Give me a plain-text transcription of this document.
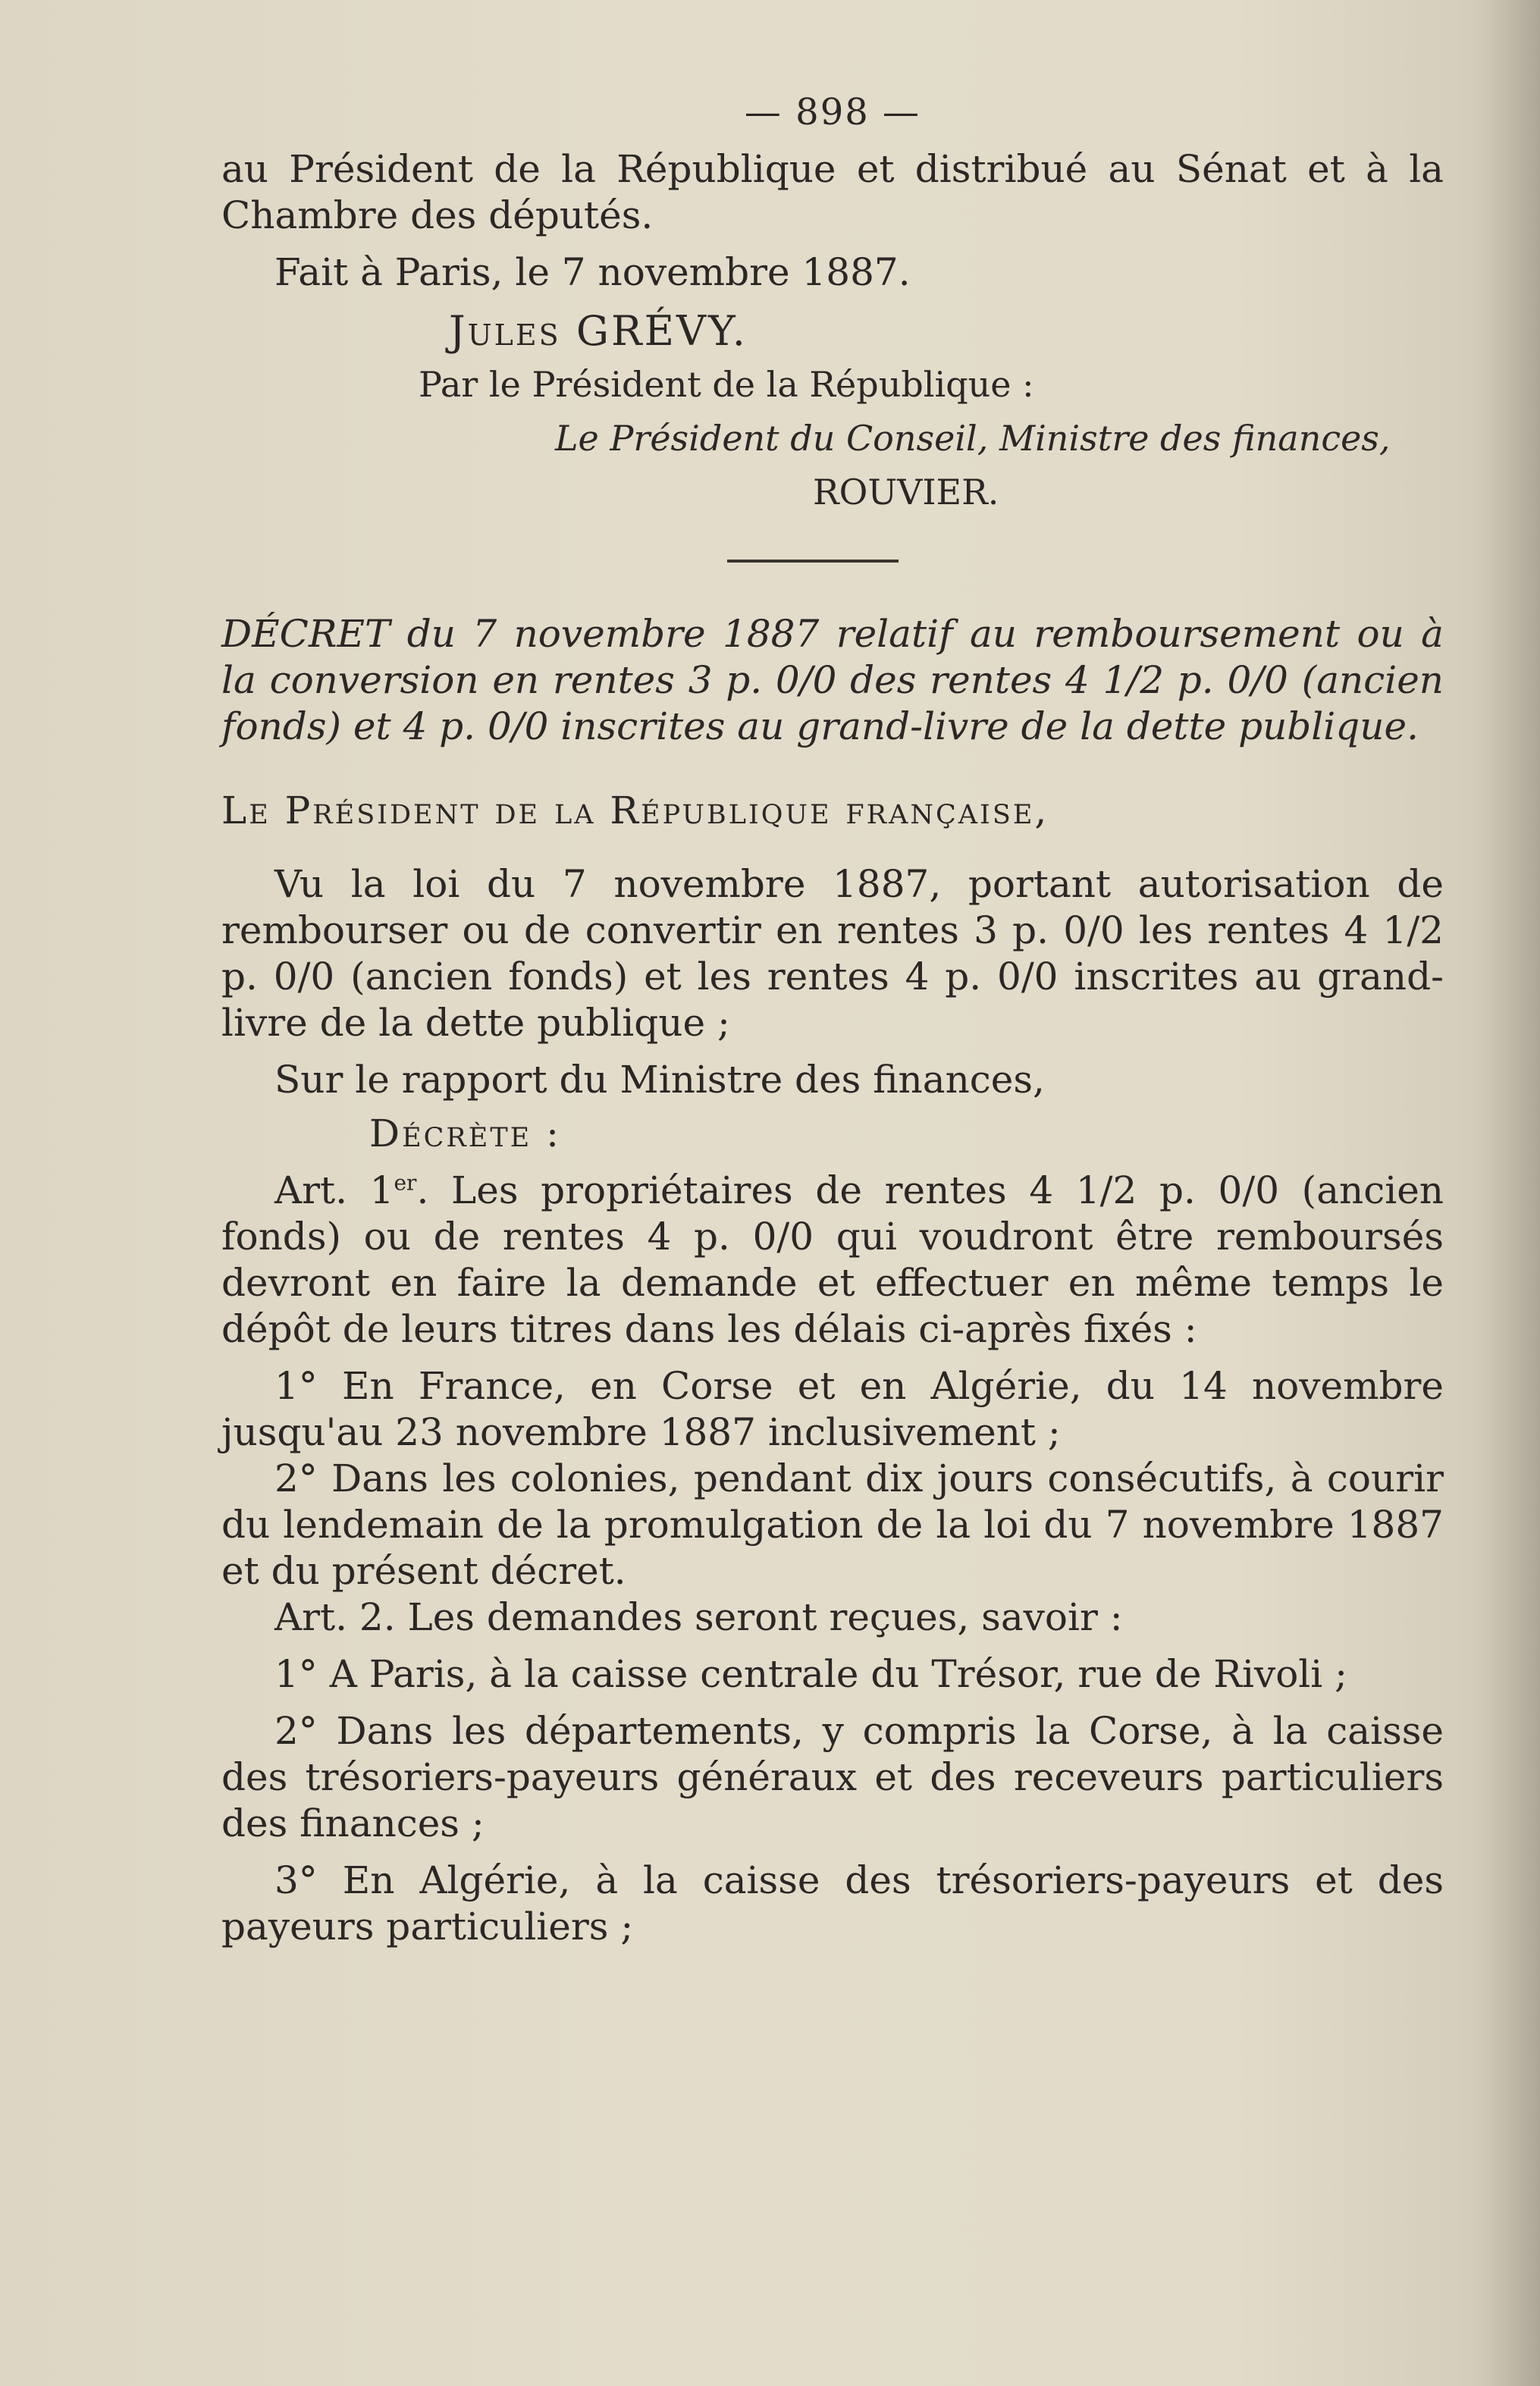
— 898 —

au Président de la République et distribué au Sénat et à la Chambre des députés.

Fait à Paris, le 7 novembre 1887.

Jules GRÉVY.
Par le Président de la République :
Le Président du Conseil, Ministre des finances,
ROUVIER.

DÉCRET du 7 novembre 1887 relatif au remboursement ou à la conversion en rentes 3 p. 0/0 des rentes 4 1/2 p. 0/0 (ancien fonds) et 4 p. 0/0 inscrites au grand-livre de la dette publique.

Le Président de la République française,

Vu la loi du 7 novembre 1887, portant autorisation de rembourser ou de convertir en rentes 3 p. 0/0 les rentes 4 1/2 p. 0/0 (ancien fonds) et les rentes 4 p. 0/0 inscrites au grand-livre de la dette publique ;

Sur le rapport du Ministre des finances,

Décrète :

Art. 1er. Les propriétaires de rentes 4 1/2 p. 0/0 (ancien fonds) ou de rentes 4 p. 0/0 qui voudront être remboursés devront en faire la demande et effectuer en même temps le dépôt de leurs titres dans les délais ci-après fixés :

1° En France, en Corse et en Algérie, du 14 novembre jusqu'au 23 novembre 1887 inclusivement ;

2° Dans les colonies, pendant dix jours consécutifs, à courir du lendemain de la promulgation de la loi du 7 novembre 1887 et du présent décret.

Art. 2. Les demandes seront reçues, savoir :

1° A Paris, à la caisse centrale du Trésor, rue de Rivoli ;

2° Dans les départements, y compris la Corse, à la caisse des trésoriers-payeurs généraux et des receveurs particuliers des finances ;

3° En Algérie, à la caisse des trésoriers-payeurs et des payeurs particuliers ;
